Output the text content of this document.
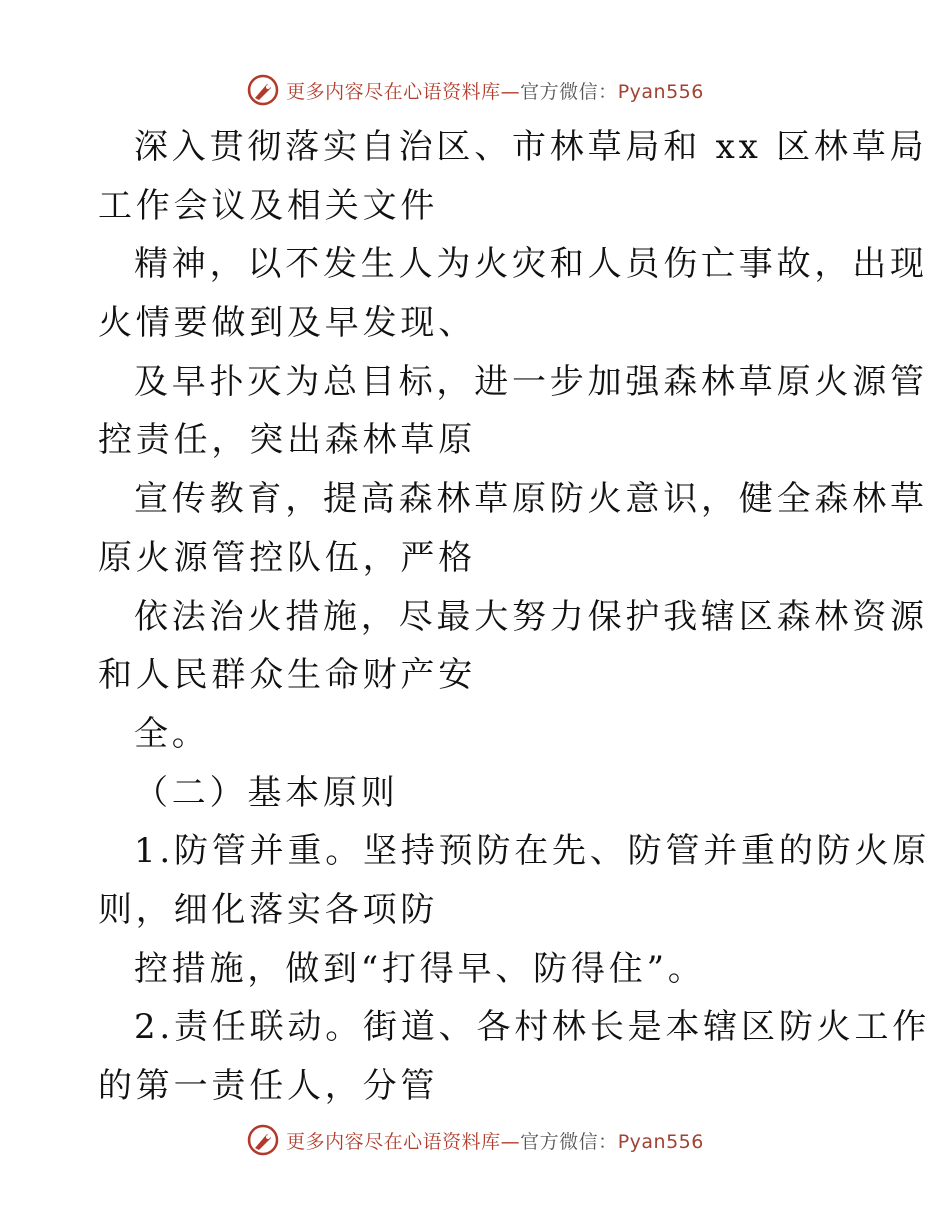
更多内容尽在心语资料库—官方微信：Pyan556
深入贯彻落实自治区、市林草局和 xx 区林草局
工作会议及相关文件
精神，以不发生人为火灾和人员伤亡事故，出现
火情要做到及早发现、
及早扑灭为总目标，进一步加强森林草原火源管
控责任，突出森林草原
宣传教育，提高森林草原防火意识，健全森林草
原火源管控队伍，严格
依法治火措施，尽最大努力保护我辖区森林资源
和人民群众生命财产安
全。
（二）基本原则
1.防管并重。坚持预防在先、防管并重的防火原
则，细化落实各项防
控措施，做到“打得早、防得住”。
2.责任联动。街道、各村林长是本辖区防火工作
的第一责任人，分管
更多内容尽在心语资料库—官方微信：Pyan556
